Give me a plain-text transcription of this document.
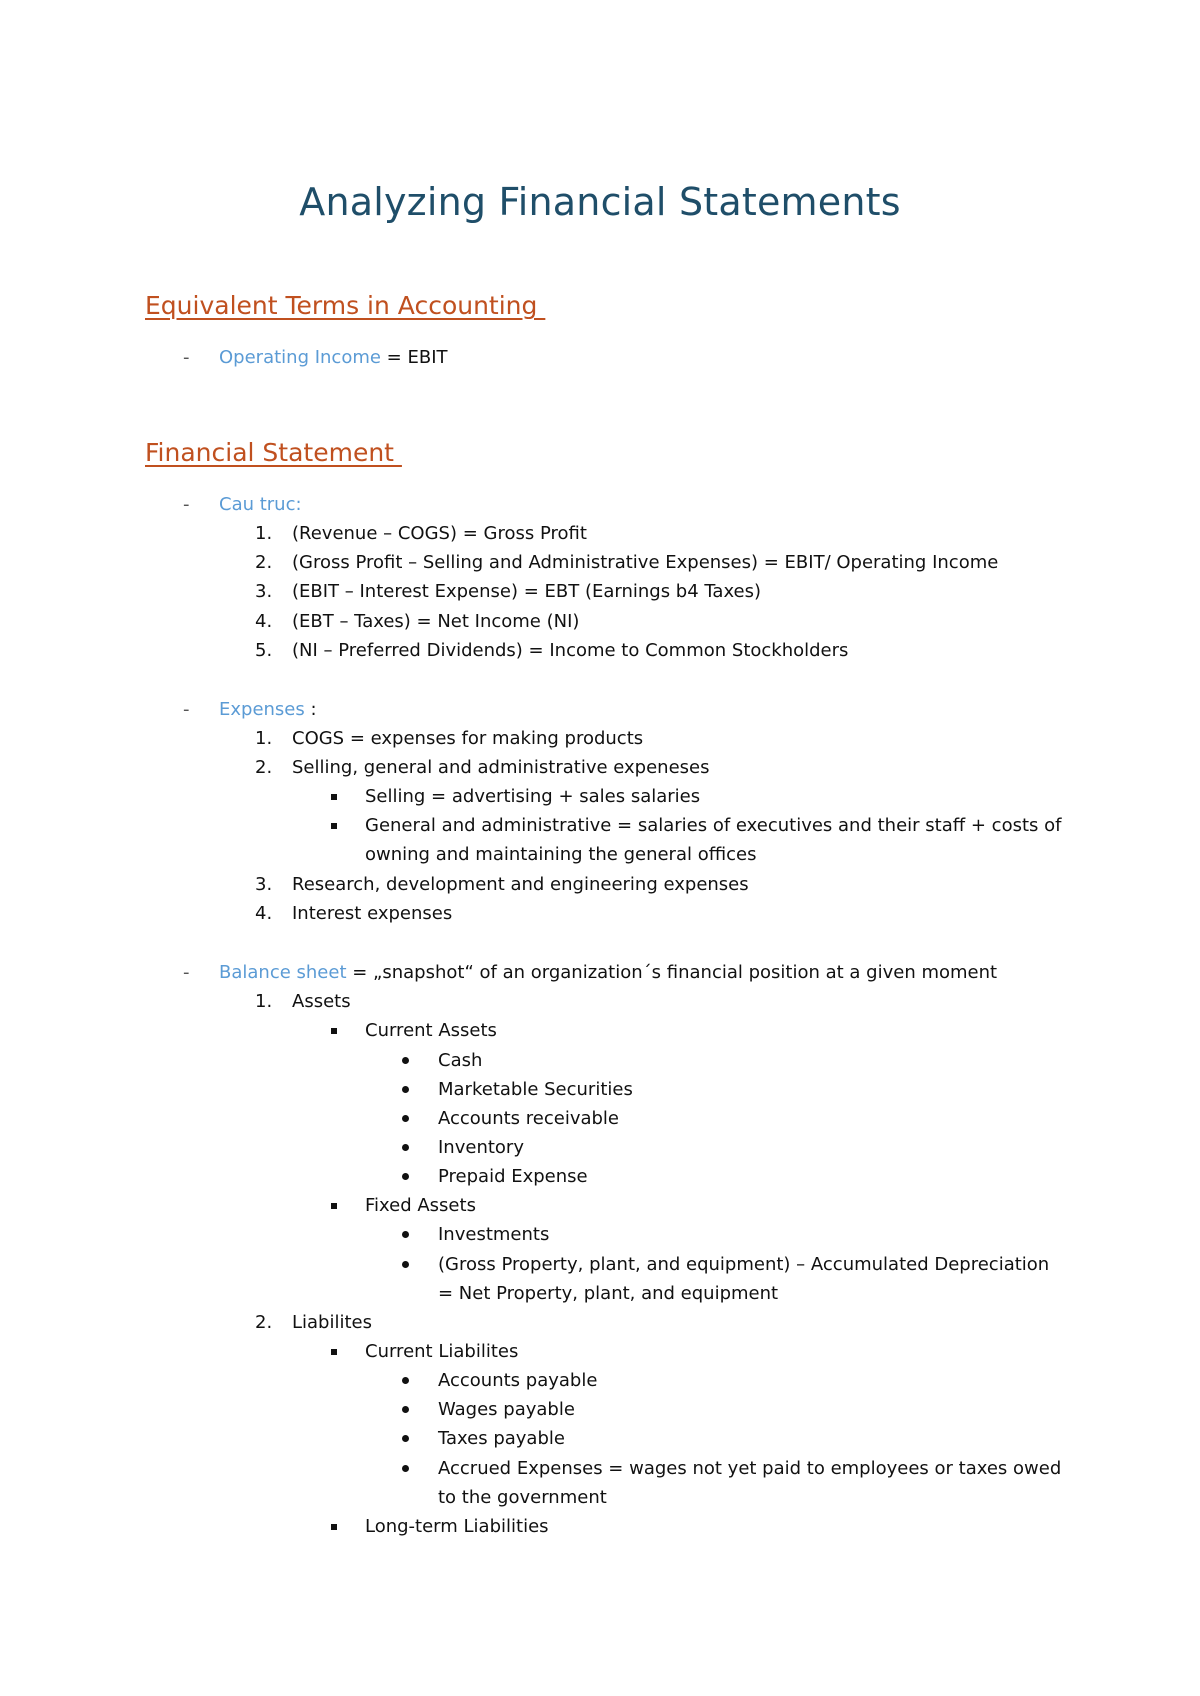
Analyzing Financial Statements
Equivalent Terms in Accounting
- Operating Income = EBIT
Financial Statement
- Cau truc:
1. (Revenue – COGS) = Gross Profit
2. (Gross Profit – Selling and Administrative Expenses) = EBIT/ Operating Income
3. (EBIT – Interest Expense) = EBT (Earnings b4 Taxes)
4. (EBT – Taxes) = Net Income (NI)
5. (NI – Preferred Dividends) = Income to Common Stockholders
- Expenses :
1. COGS = expenses for making products
2. Selling, general and administrative expeneses
Selling = advertising + sales salaries
General and administrative = salaries of executives and their staff + costs of
owning and maintaining the general offices
3. Research, development and engineering expenses
4. Interest expenses
- Balance sheet = „snapshot“ of an organization´s financial position at a given moment
1. Assets
Current Assets
Cash
Marketable Securities
Accounts receivable
Inventory
Prepaid Expense
Fixed Assets
Investments
(Gross Property, plant, and equipment) – Accumulated Depreciation
= Net Property, plant, and equipment
2. Liabilites
Current Liabilites
Accounts payable
Wages payable
Taxes payable
Accrued Expenses = wages not yet paid to employees or taxes owed
to the government
Long-term Liabilities
